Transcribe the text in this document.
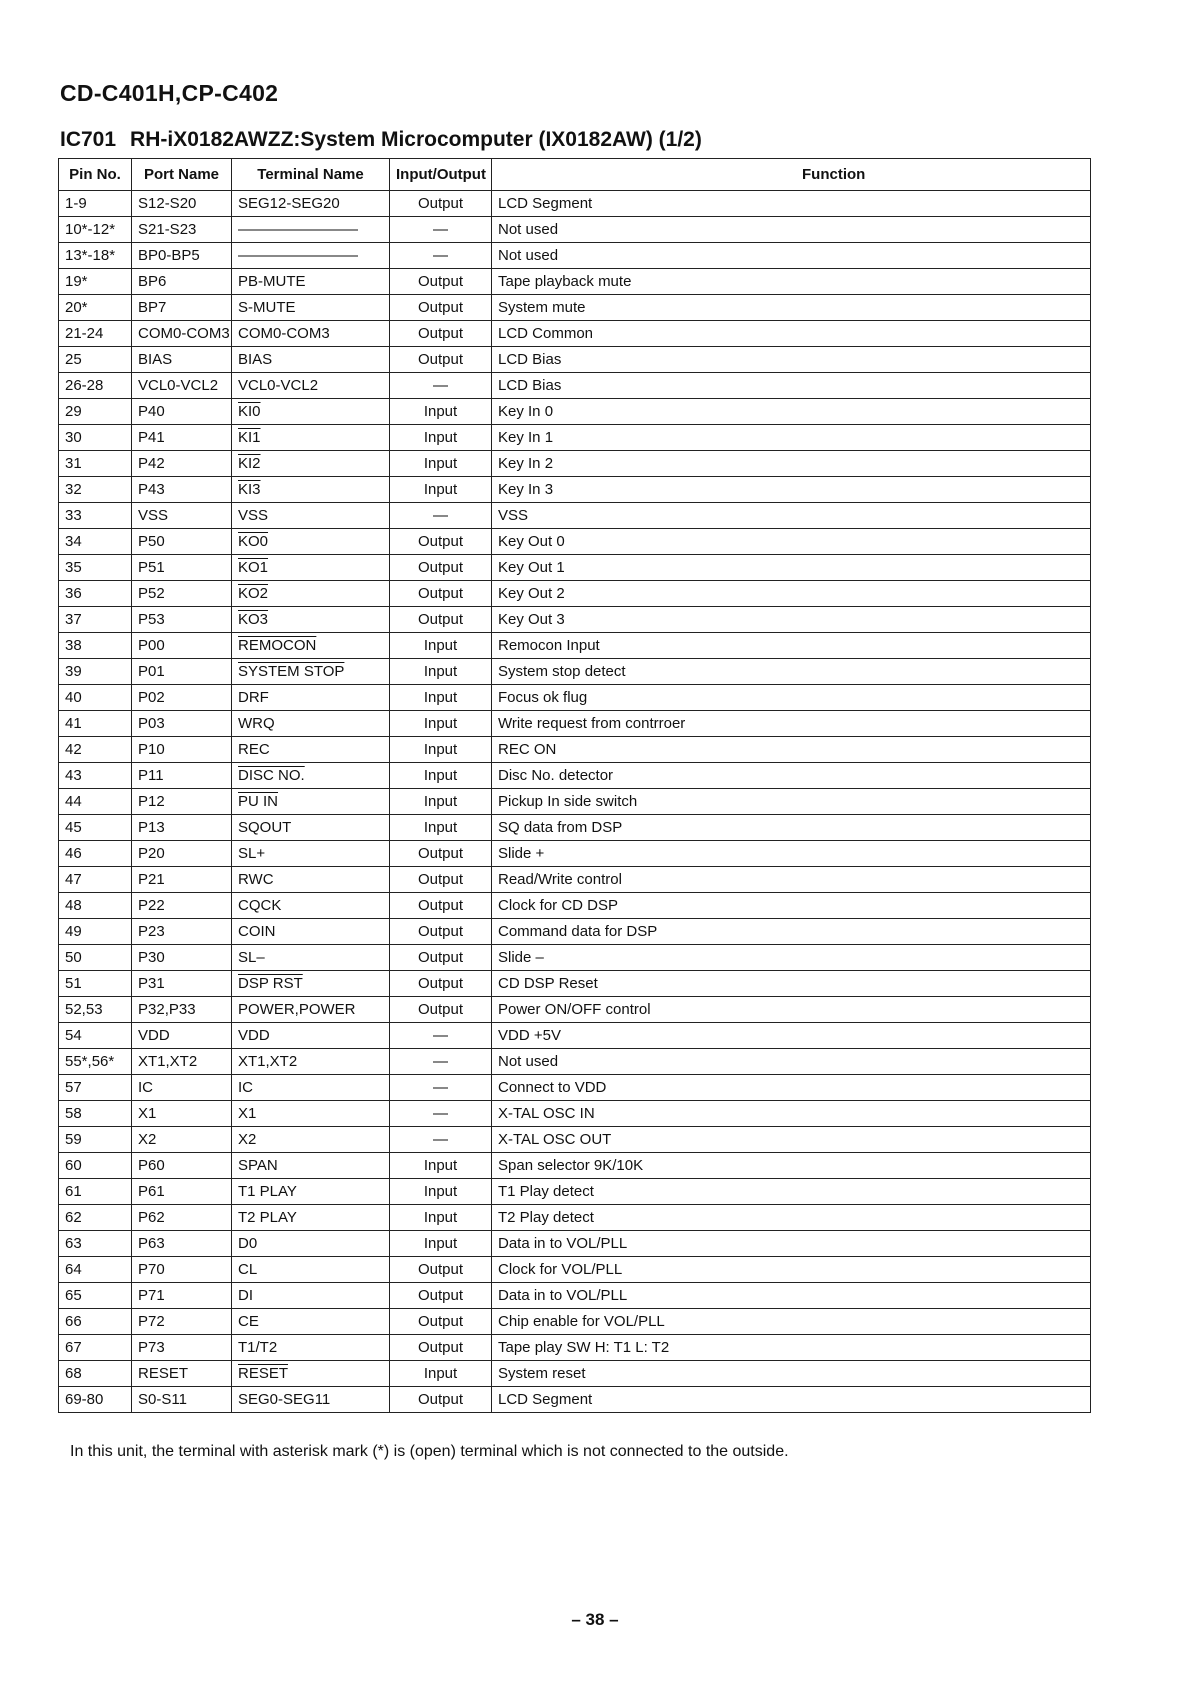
CD-C401H,CP-C402
IC701 RH-iX0182AWZZ:System Microcomputer (IX0182AW) (1/2)
Pin No.	Port Name	Terminal Name	Input/Output	Function
1-9	S12-S20	SEG12-SEG20	Output	LCD Segment
10*-12*	S21-S23	————————	—	Not used
13*-18*	BP0-BP5	————————	—	Not used
19*	BP6	PB-MUTE	Output	Tape playback mute
20*	BP7	S-MUTE	Output	System mute
21-24	COM0-COM3	COM0-COM3	Output	LCD Common
25	BIAS	BIAS	Output	LCD Bias
26-28	VCL0-VCL2	VCL0-VCL2	—	LCD Bias
29	P40	KI0	Input	Key In 0
30	P41	KI1	Input	Key In 1
31	P42	KI2	Input	Key In 2
32	P43	KI3	Input	Key In 3
33	VSS	VSS	—	VSS
34	P50	KO0	Output	Key Out 0
35	P51	KO1	Output	Key Out 1
36	P52	KO2	Output	Key Out 2
37	P53	KO3	Output	Key Out 3
38	P00	REMOCON	Input	Remocon Input
39	P01	SYSTEM STOP	Input	System stop detect
40	P02	DRF	Input	Focus ok flug
41	P03	WRQ	Input	Write request from contrroer
42	P10	REC	Input	REC ON
43	P11	DISC NO.	Input	Disc No. detector
44	P12	PU IN	Input	Pickup In side switch
45	P13	SQOUT	Input	SQ data from DSP
46	P20	SL+	Output	Slide +
47	P21	RWC	Output	Read/Write control
48	P22	CQCK	Output	Clock for CD DSP
49	P23	COIN	Output	Command data for DSP
50	P30	SL–	Output	Slide –
51	P31	DSP RST	Output	CD DSP Reset
52,53	P32,P33	POWER,POWER	Output	Power ON/OFF control
54	VDD	VDD	—	VDD +5V
55*,56*	XT1,XT2	XT1,XT2	—	Not used
57	IC	IC	—	Connect to VDD
58	X1	X1	—	X-TAL OSC IN
59	X2	X2	—	X-TAL OSC OUT
60	P60	SPAN	Input	Span selector 9K/10K
61	P61	T1 PLAY	Input	T1 Play detect
62	P62	T2 PLAY	Input	T2 Play detect
63	P63	D0	Input	Data in to VOL/PLL
64	P70	CL	Output	Clock for VOL/PLL
65	P71	DI	Output	Data in to VOL/PLL
66	P72	CE	Output	Chip enable for VOL/PLL
67	P73	T1/T2	Output	Tape play SW H: T1 L: T2
68	RESET	RESET	Input	System reset
69-80	S0-S11	SEG0-SEG11	Output	LCD Segment
In this unit, the terminal with asterisk mark (*) is (open) terminal which is not connected to the outside.
– 38 –
